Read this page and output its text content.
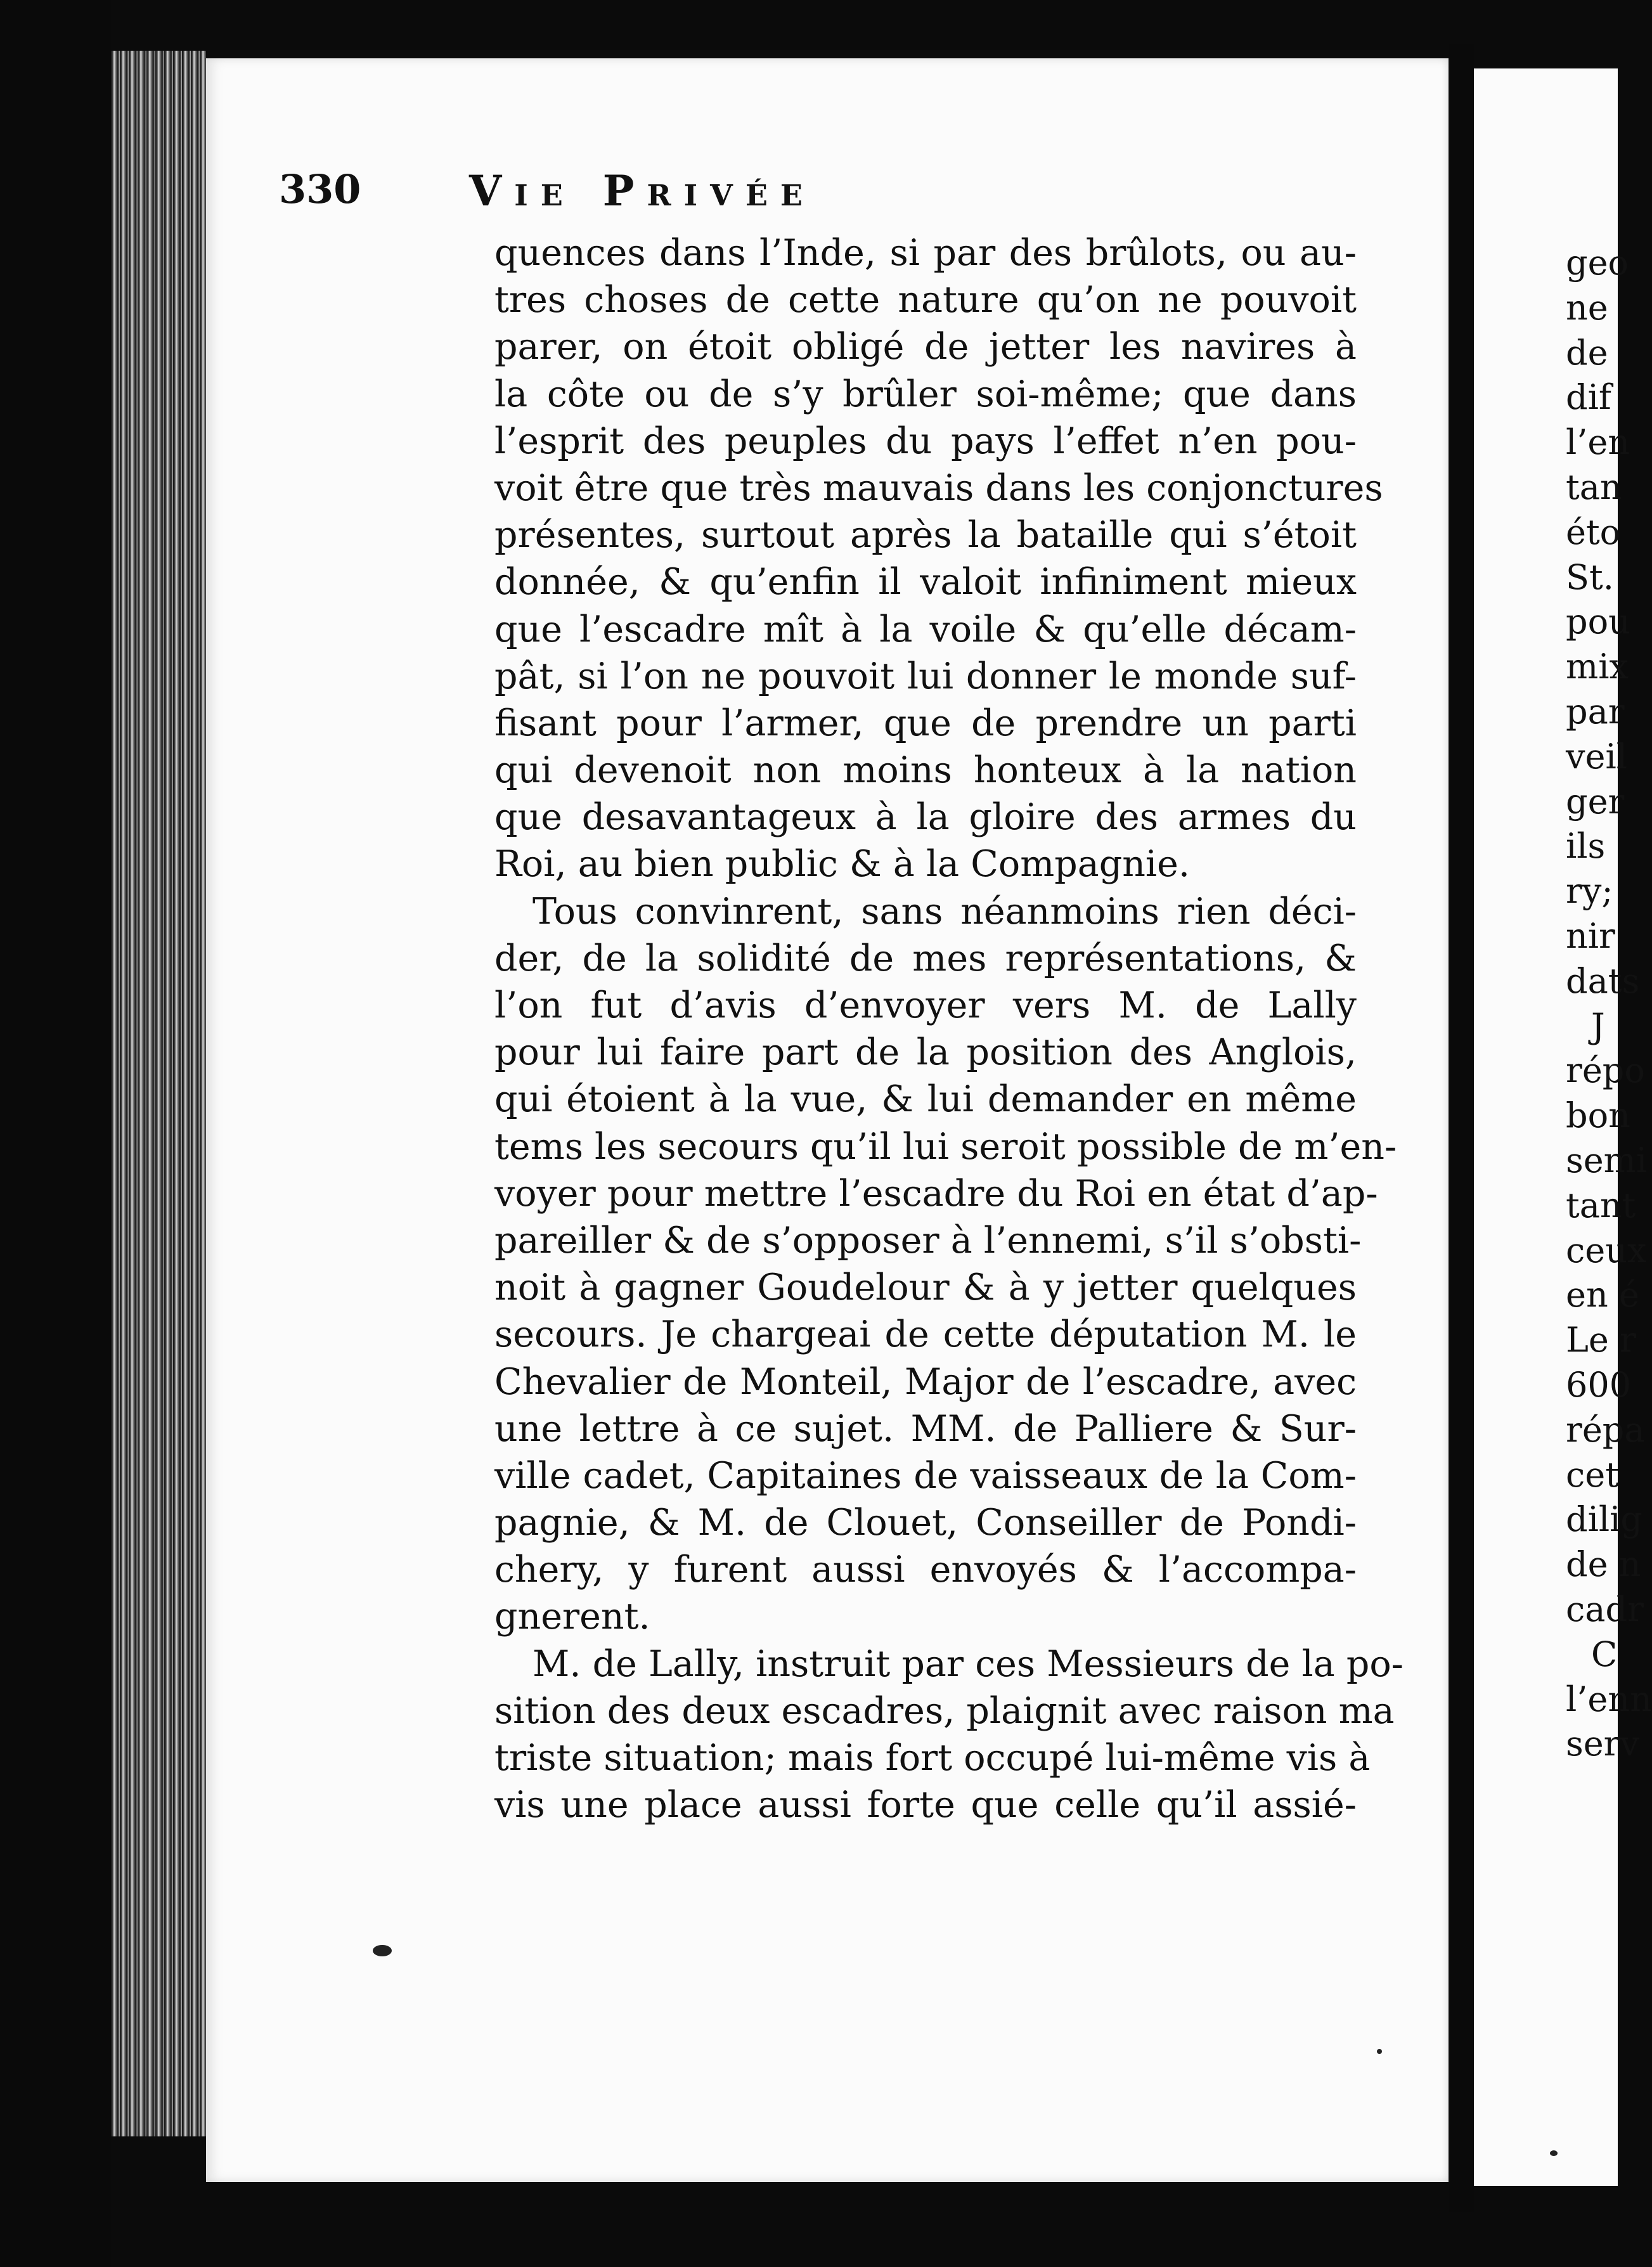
330	Vie Privée
quences dans l’Inde, si par des brûlots, ou au-
tres choses de cette nature qu’on ne pouvoit
parer, on étoit obligé de jetter les navires à
la côte ou de s’y brûler soi-même; que dans
l’esprit des peuples du pays l’effet n’en pou-
voit être que très mauvais dans les conjonctures
présentes, surtout après la bataille qui s’étoit
donnée, & qu’enfin il valoit infiniment mieux
que l’escadre mît à la voile & qu’elle décam-
pât, si l’on ne pouvoit lui donner le monde suf-
fisant pour l’armer, que de prendre un parti
qui devenoit non moins honteux à la nation
que desavantageux à la gloire des armes du
Roi, au bien public & à la Compagnie.
Tous convinrent, sans néanmoins rien déci-
der, de la solidité de mes représentations, &
l’on fut d’avis d’envoyer vers M. de Lally
pour lui faire part de la position des Anglois,
qui étoient à la vue, & lui demander en même
tems les secours qu’il lui seroit possible de m’en-
voyer pour mettre l’escadre du Roi en état d’ap-
pareiller & de s’opposer à l’ennemi, s’il s’obsti-
noit à gagner Goudelour & à y jetter quelques
secours. Je chargeai de cette députation M. le
Chevalier de Monteil, Major de l’escadre, avec
une lettre à ce sujet. MM. de Palliere & Sur-
ville cadet, Capitaines de vaisseaux de la Com-
pagnie, & M. de Clouet, Conseiller de Pondi-
chery, y furent aussi envoyés & l’accompa-
gnerent.
M. de Lally, instruit par ces Messieurs de la po-
sition des deux escadres, plaignit avec raison ma
triste situation; mais fort occupé lui-même vis à
vis une place aussi forte que celle qu’il assié-
geo
ne
de
dif
l’en
tan
éto
St.
pou
mix
par
veil
ger
ils
ry;
nir
dats
J
répo
bon
semi
tant
ceux
en é
Le r
600
répa
cet
dilig
de n
cadr
C
l’enn
serv
